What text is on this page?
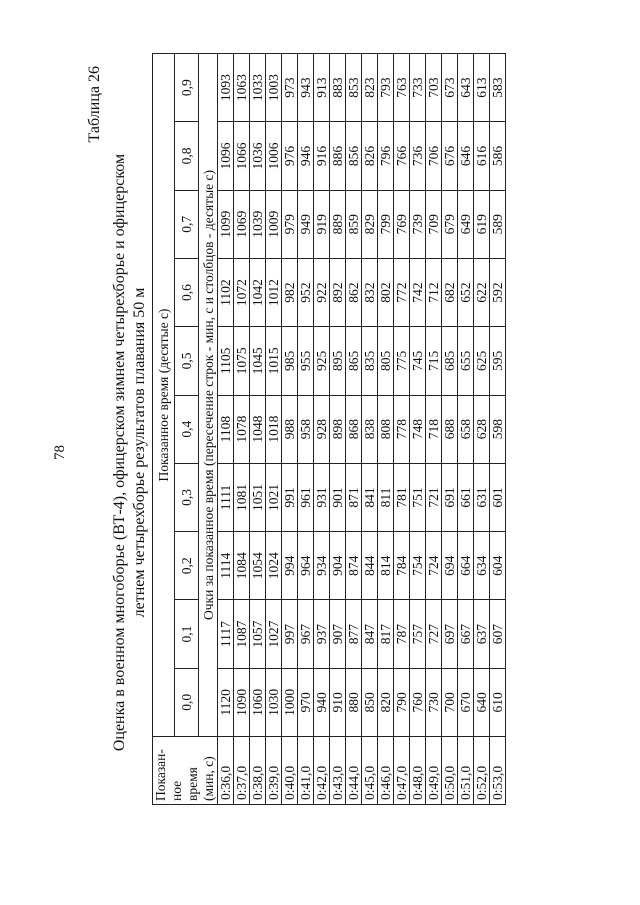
78
Таблица 26
Оценка в военном многоборье (ВТ-4), офицерском зимнем четырехборье и офицерском летнем четырехборье результатов плавания 50 м
Показан- ное время (мин, с)	Показанное время (десятые с)									
	0,0	0,1	0,2	0,3	0,4	0,5	0,6	0,7	0,8	0,9
	Очки за показанное время (пересечение строк - мин, с и столбцов - десятые с)									
0:36,0	1120	1117	1114	1111	1108	1105	1102	1099	1096	1093
0:37,0	1090	1087	1084	1081	1078	1075	1072	1069	1066	1063
0:38,0	1060	1057	1054	1051	1048	1045	1042	1039	1036	1033
0:39,0	1030	1027	1024	1021	1018	1015	1012	1009	1006	1003
0:40,0	1000	997	994	991	988	985	982	979	976	973
0:41,0	970	967	964	961	958	955	952	949	946	943
0:42,0	940	937	934	931	928	925	922	919	916	913
0:43,0	910	907	904	901	898	895	892	889	886	883
0:44,0	880	877	874	871	868	865	862	859	856	853
0:45,0	850	847	844	841	838	835	832	829	826	823
0:46,0	820	817	814	811	808	805	802	799	796	793
0:47,0	790	787	784	781	778	775	772	769	766	763
0:48,0	760	757	754	751	748	745	742	739	736	733
0:49,0	730	727	724	721	718	715	712	709	706	703
0:50,0	700	697	694	691	688	685	682	679	676	673
0:51,0	670	667	664	661	658	655	652	649	646	643
0:52,0	640	637	634	631	628	625	622	619	616	613
0:53,0	610	607	604	601	598	595	592	589	586	583
